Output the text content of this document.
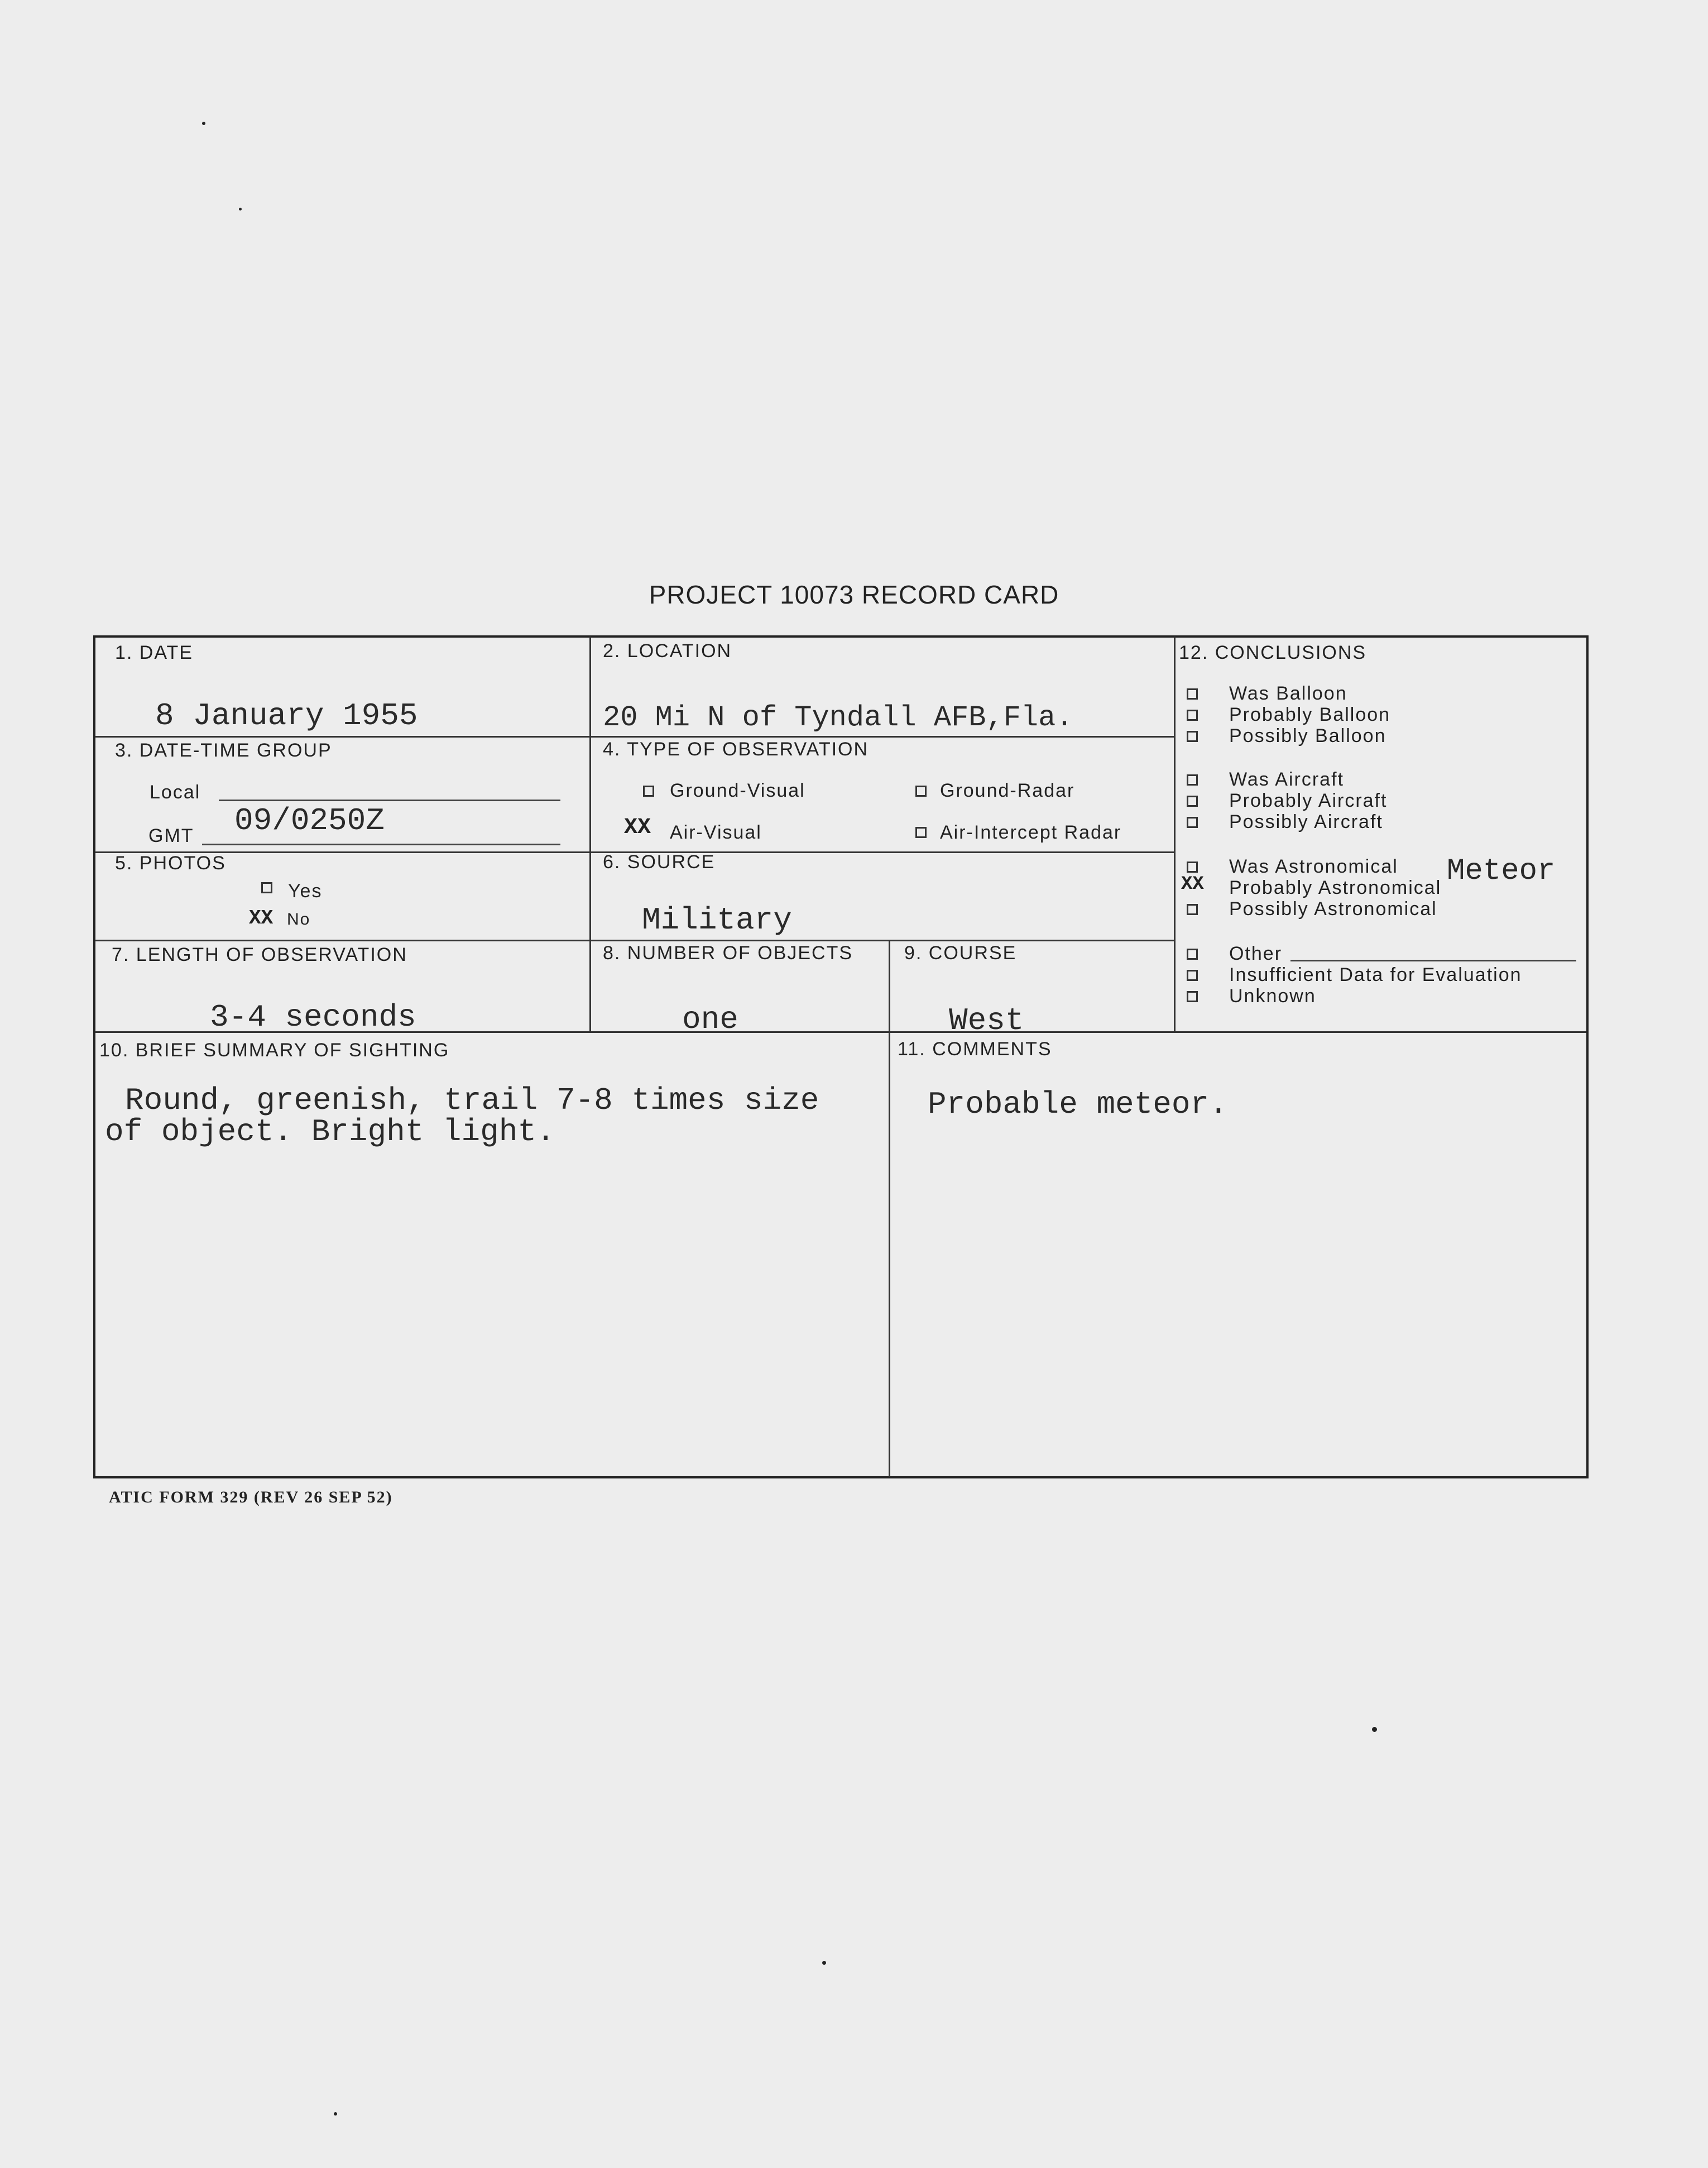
PROJECT 10073 RECORD CARD
1. DATE
8 January 1955
2. LOCATION
20 Mi N of Tyndall AFB,Fla.
3. DATE-TIME GROUP
Local
GMT 09/0250Z
4. TYPE OF OBSERVATION
Ground-Visual	Ground-Radar
XX Air-Visual	Air-Intercept Radar
5. PHOTOS
Yes
XX No
6. SOURCE
Military
7. LENGTH OF OBSERVATION
3-4 seconds
8. NUMBER OF OBJECTS
one
9. COURSE
West
10. BRIEF SUMMARY OF SIGHTING
Round, greenish, trail 7-8 times size
of object. Bright light.
11. COMMENTS
Probable meteor.
12. CONCLUSIONS
Was Balloon
Probably Balloon
Possibly Balloon
Was Aircraft
Probably Aircraft
Possibly Aircraft
Was Astronomical Meteor
XX Probably Astronomical
Possibly Astronomical
Other
Insufficient Data for Evaluation
Unknown
ATIC FORM 329 (REV 26 SEP 52)
